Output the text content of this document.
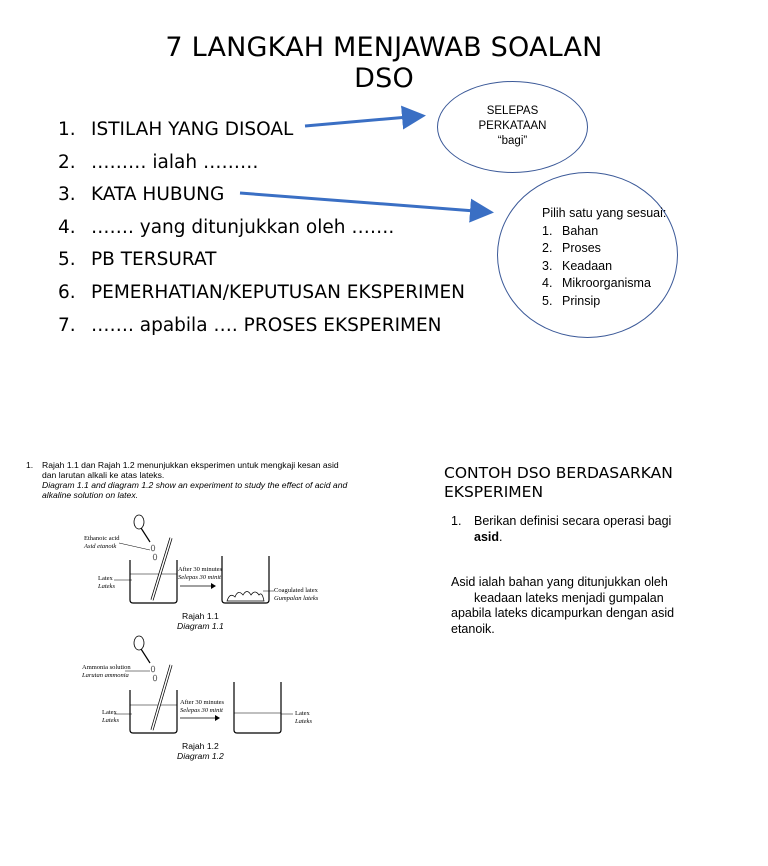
7 LANGKAH MENJAWAB SOALAN
DSO
1. ISTILAH YANG DISOAL
2. ……… ialah ………
3. KATA HUBUNG
4. ……. yang ditunjukkan oleh …….
5. PB TERSURAT
6. PEMERHATIAN/KEPUTUSAN EKSPERIMEN
7. ……. apabila …. PROSES EKSPERIMEN
SELEPAS
PERKATAAN
“bagi”
Pilih satu yang sesuai:
1. Bahan
2. Proses
3. Keadaan
4. Mikroorganisma
5. Prinsip
1. Rajah 1.1 dan Rajah 1.2 menunjukkan eksperimen untuk mengkaji kesan asid dan larutan alkali ke atas lateks.
Diagram 1.1 and diagram 1.2 show an experiment to study the effect of acid and alkaline solution on latex.
Ethanoic acid
Asid etanoik
Latex
Lateks
After 30 minutes
Selepas 30 minit
Coagulated latex
Gumpalan lateks
Rajah 1.1
Diagram 1.1
Ammonia solution
Larutan ammonia
Latex
Lateks
After 30 minutes
Selepas 30 minit	Latex
Lateks
Rajah 1.2
Diagram 1.2
CONTOH DSO BERDASARKAN
EKSPERIMEN
1. Berikan definisi secara operasi bagi
asid.
Asid ialah bahan yang ditunjukkan oleh
keadaan lateks menjadi gumpalan
apabila lateks dicampurkan dengan asid
etanoik.
